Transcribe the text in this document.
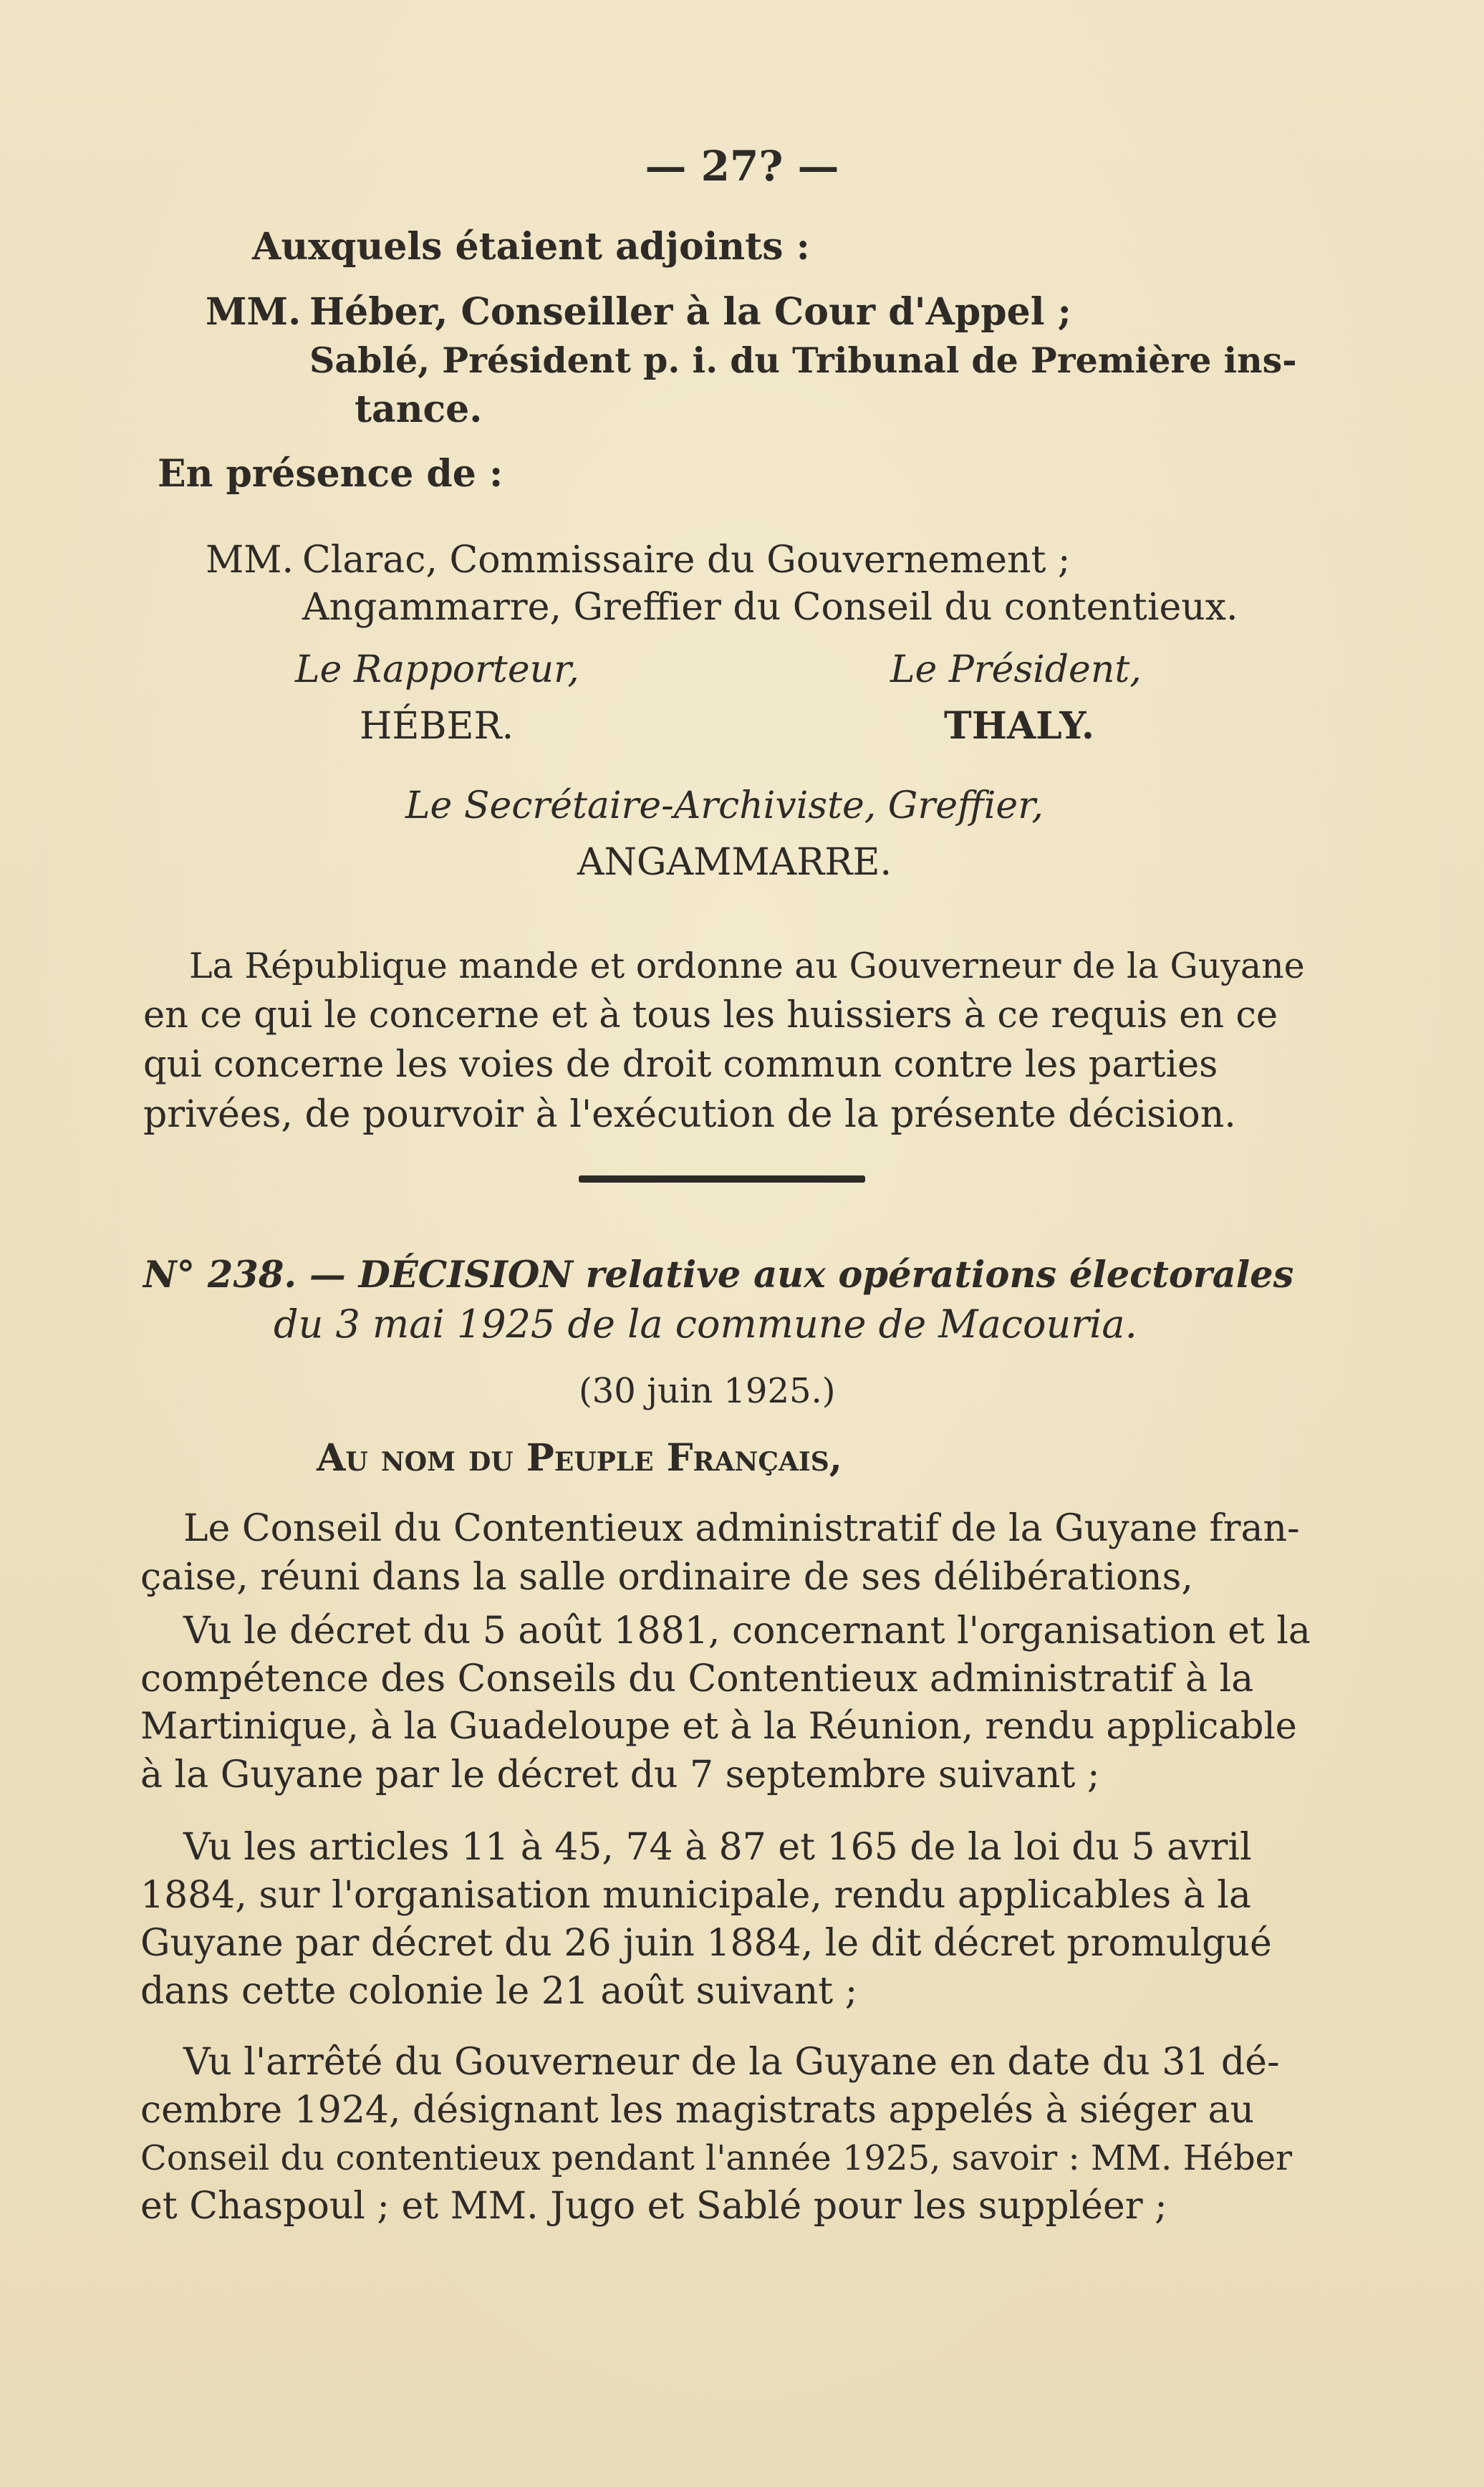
— 27? —
Auxquels étaient adjoints :
MM. Héber, Conseiller à la Cour d'Appel ;
Sablé, Président p. i. du Tribunal de Première ins-
tance.
En présence de :
MM. Clarac, Commissaire du Gouvernement ;
Angammarre, Greffier du Conseil du contentieux.
Le Rapporteur,
HÉBER.
Le Président,
THALY.
Le Secrétaire-Archiviste, Greffier,
ANGAMMARRE.
La République mande et ordonne au Gouverneur de la Guyane
en ce qui le concerne et à tous les huissiers à ce requis en ce
qui concerne les voies de droit commun contre les parties
privées, de pourvoir à l'exécution de la présente décision.
N° 238. — DÉCISION relative aux opérations électorales
du 3 mai 1925 de la commune de Macouria.
(30 juin 1925.)
Au nom du Peuple Français,
Le Conseil du Contentieux administratif de la Guyane fran-
çaise, réuni dans la salle ordinaire de ses délibérations,
Vu le décret du 5 août 1881, concernant l'organisation et la
compétence des Conseils du Contentieux administratif à la
Martinique, à la Guadeloupe et à la Réunion, rendu applicable
à la Guyane par le décret du 7 septembre suivant ;
Vu les articles 11 à 45, 74 à 87 et 165 de la loi du 5 avril
1884, sur l'organisation municipale, rendu applicables à la
Guyane par décret du 26 juin 1884, le dit décret promulgué
dans cette colonie le 21 août suivant ;
Vu l'arrêté du Gouverneur de la Guyane en date du 31 dé-
cembre 1924, désignant les magistrats appelés à siéger au
Conseil du contentieux pendant l'année 1925, savoir : MM. Héber
et Chaspoul ; et MM. Jugo et Sablé pour les suppléer ;
